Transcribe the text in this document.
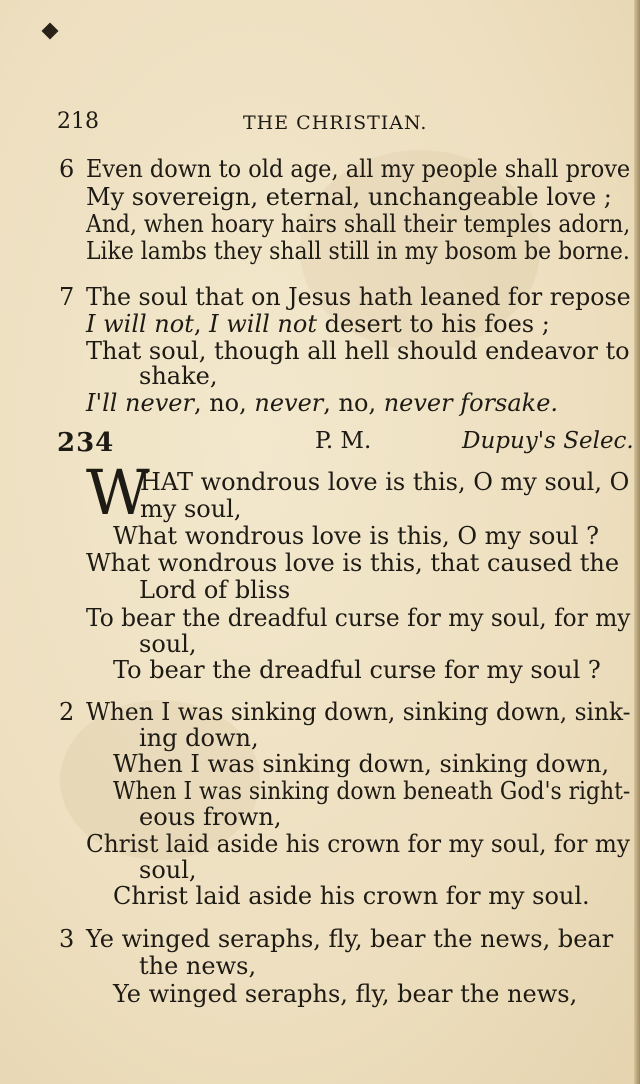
218	THE CHRISTIAN.
6 Even down to old age, all my people shall prove
My sovereign, eternal, unchangeable love ;
And, when hoary hairs shall their temples adorn,
Like lambs they shall still in my bosom be borne.
7 The soul that on Jesus hath leaned for repose
I will not, I will not desert to his foes ;
That soul, though all hell should endeavor to
shake,
I'll never, no, never, no, never forsake.
234	P. M.	Dupuy's Selec.
W
HAT wondrous love is this, O my soul, O
my soul,
What wondrous love is this, O my soul ?
What wondrous love is this, that caused the
Lord of bliss
To bear the dreadful curse for my soul, for my
soul,
To bear the dreadful curse for my soul ?
2 When I was sinking down, sinking down, sink-
ing down,
When I was sinking down, sinking down,
When I was sinking down beneath God's right-
eous frown,
Christ laid aside his crown for my soul, for my
soul,
Christ laid aside his crown for my soul.
3 Ye winged seraphs, fly, bear the news, bear
the news,
Ye winged seraphs, fly, bear the news,
